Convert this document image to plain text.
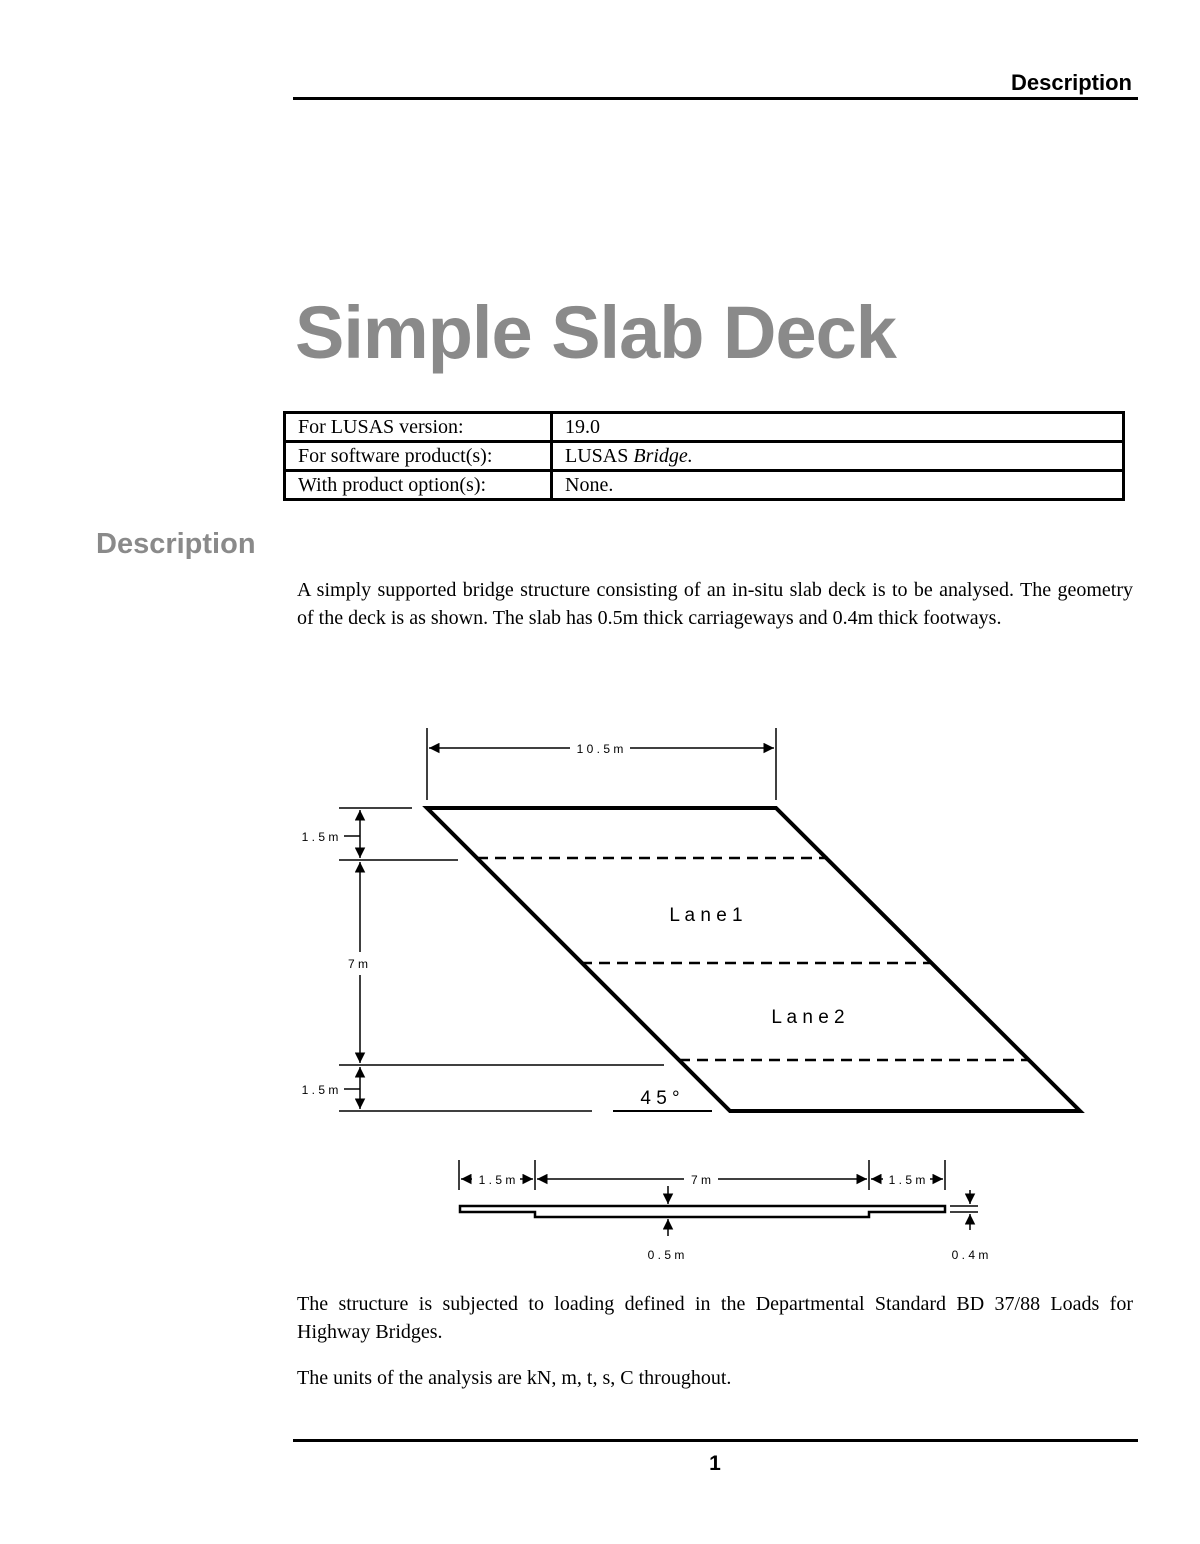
Description
Simple Slab Deck
For LUSAS version:	19.0
For software product(s):	LUSAS Bridge.
With product option(s):	None.
Description

A simply supported bridge structure consisting of an in-situ slab deck is to be analysed. The geometry of the deck is as shown. The slab has 0.5m thick carriageways and 0.4m thick footways.

1 0 . 5 m
L a n e 1
L a n e 2
4 5 °
1 . 5 m
7 m
1 . 5 m
1 . 5 m	7 m	1 . 5 m
0 . 5 m	0 . 4 m

The structure is subjected to loading defined in the Departmental Standard BD 37/88 Loads for Highway Bridges.

The units of the analysis are kN, m, t, s, C throughout.

1
